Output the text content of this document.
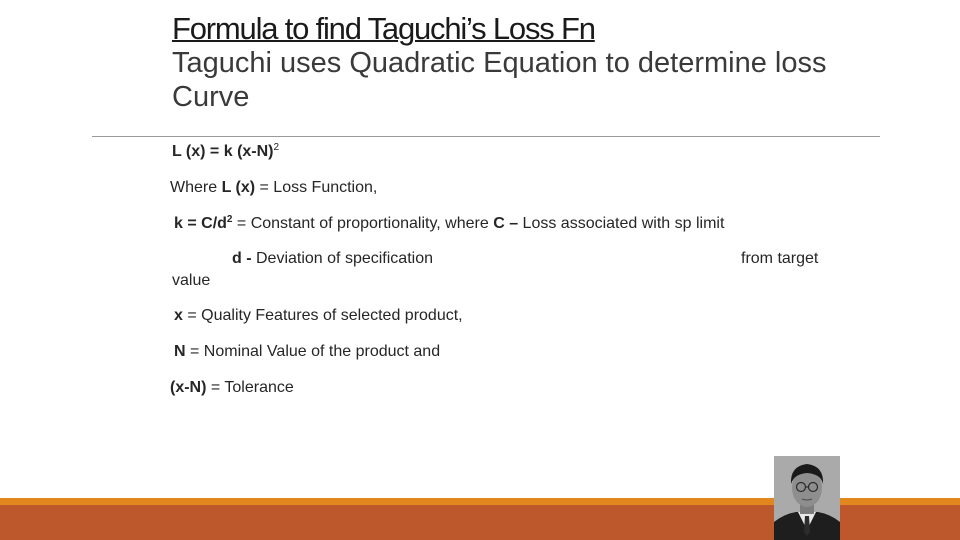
Formula to find Taguchi’s Loss Fn
Taguchi uses Quadratic Equation to determine loss Curve
L (x) = k $(x-N)^2$
Where L (x) = Loss Function,
$k = C/d^2$ = Constant of proportionality, where C – Loss associated with sp limit
d - Deviation of specification	from target
value
x = Quality Features of selected product,
N = Nominal Value of the product and
(x-N) = Tolerance
